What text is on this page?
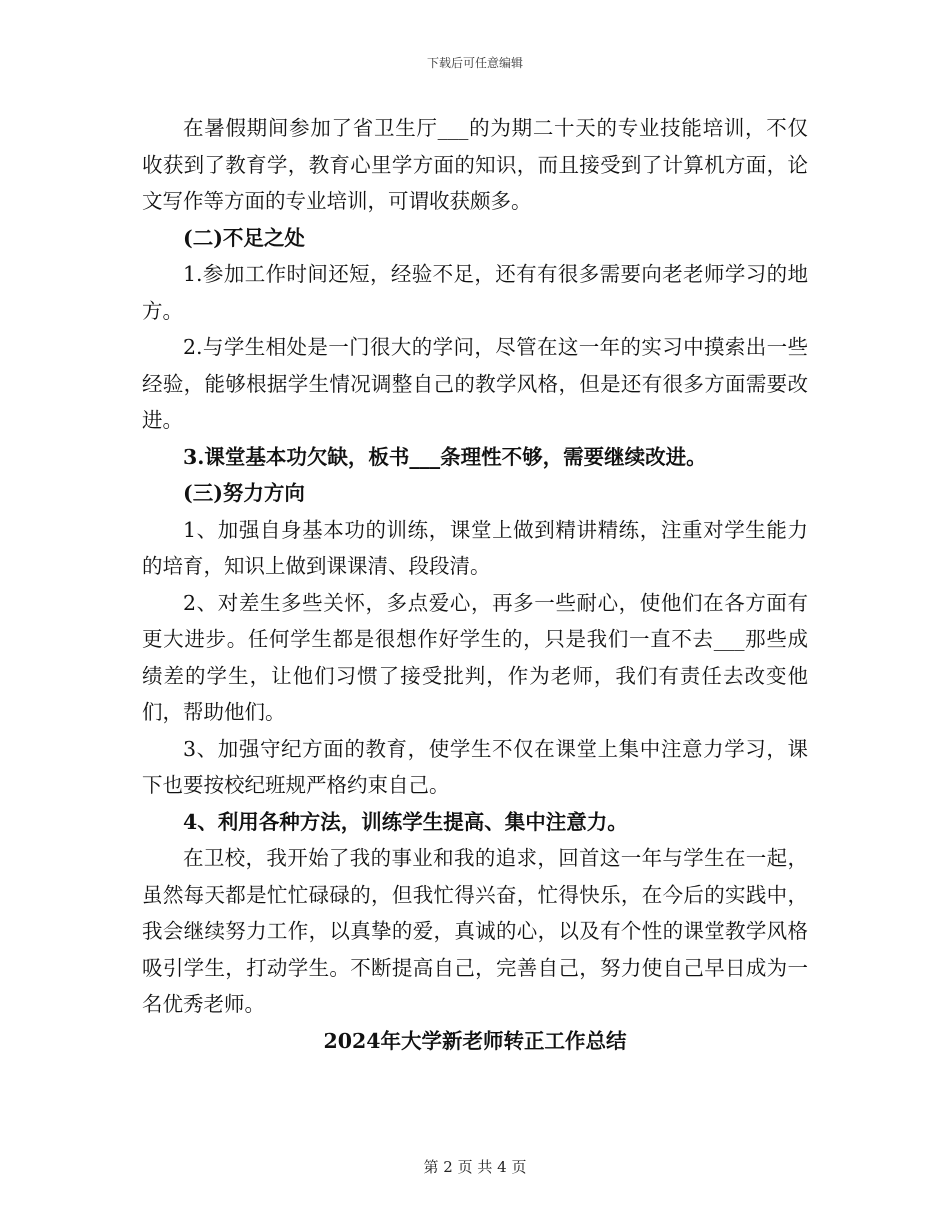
下载后可任意编辑

在暑假期间参加了省卫生厅___的为期二十天的专业技能培训，不仅收获到了教育学，教育心里学方面的知识，而且接受到了计算机方面，论文写作等方面的专业培训，可谓收获颇多。

(二)不足之处

1.参加工作时间还短，经验不足，还有有很多需要向老老师学习的地方。

2.与学生相处是一门很大的学问，尽管在这一年的实习中摸索出一些经验，能够根据学生情况调整自己的教学风格，但是还有很多方面需要改进。

3.课堂基本功欠缺，板书___条理性不够，需要继续改进。

(三)努力方向

1、加强自身基本功的训练，课堂上做到精讲精练，注重对学生能力的培育，知识上做到课课清、段段清。

2、对差生多些关怀，多点爱心，再多一些耐心，使他们在各方面有更大进步。任何学生都是很想作好学生的，只是我们一直不去___那些成绩差的学生，让他们习惯了接受批判，作为老师，我们有责任去改变他们，帮助他们。

3、加强守纪方面的教育，使学生不仅在课堂上集中注意力学习，课下也要按校纪班规严格约束自己。

4、利用各种方法，训练学生提高、集中注意力。

在卫校，我开始了我的事业和我的追求，回首这一年与学生在一起，虽然每天都是忙忙碌碌的，但我忙得兴奋，忙得快乐，在今后的实践中，我会继续努力工作，以真挚的爱，真诚的心，以及有个性的课堂教学风格吸引学生，打动学生。不断提高自己，完善自己，努力使自己早日成为一名优秀老师。

2024年大学新老师转正工作总结

第 2 页 共 4 页
